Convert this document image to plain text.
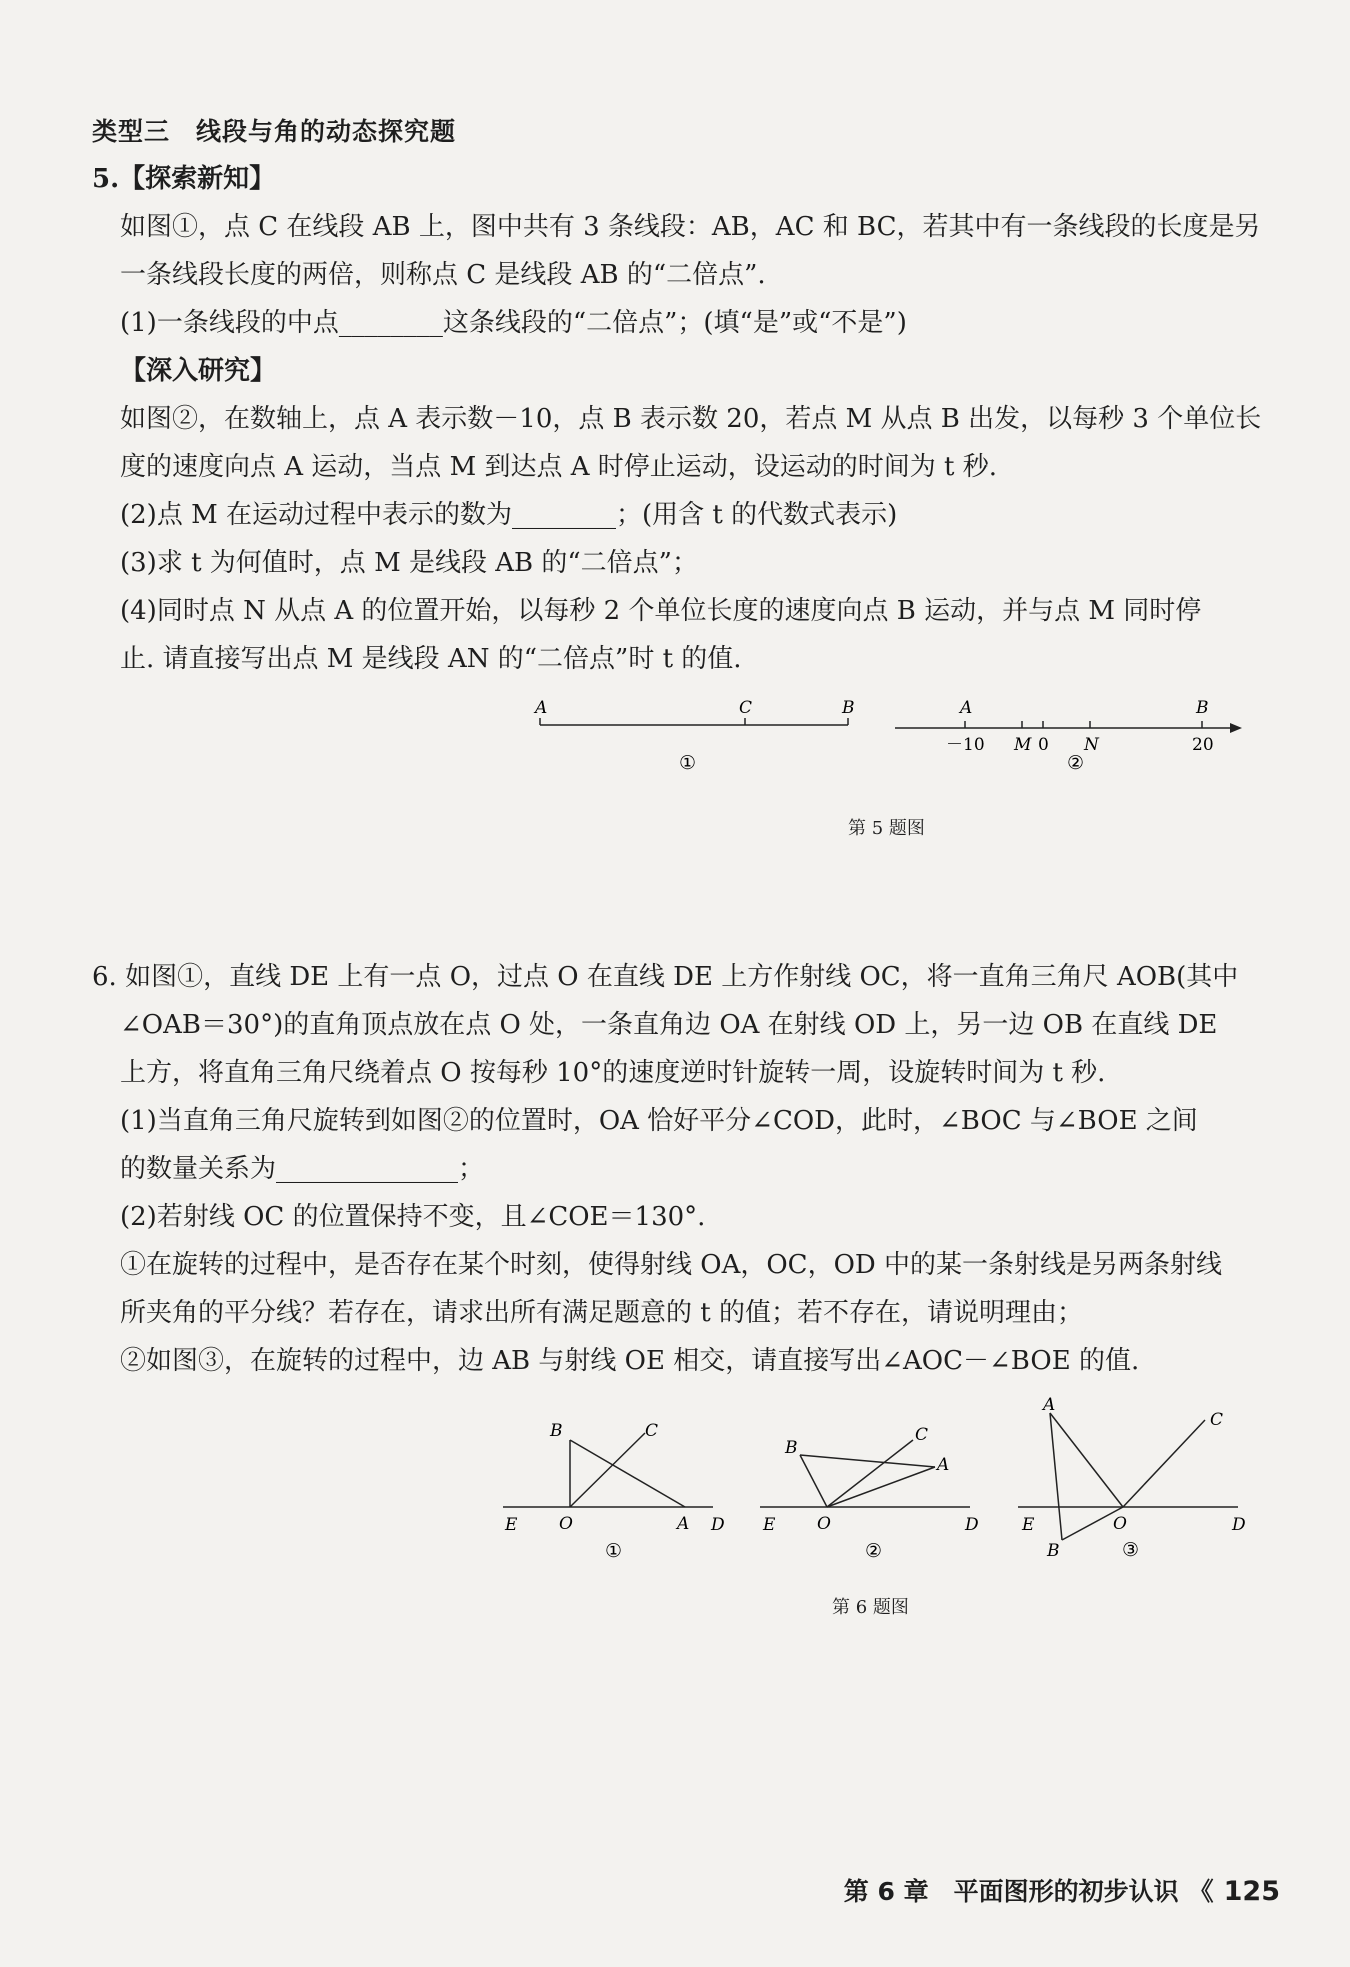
类型三　线段与角的动态探究题
5.【探索新知】
如图①，点 C 在线段 AB 上，图中共有 3 条线段：AB，AC 和 BC，若其中有一条线段的长度是另
一条线段长度的两倍，则称点 C 是线段 AB 的“二倍点”.
(1)一条线段的中点________这条线段的“二倍点”；(填“是”或“不是”)
【深入研究】
如图②，在数轴上，点 A 表示数－10，点 B 表示数 20，若点 M 从点 B 出发，以每秒 3 个单位长
度的速度向点 A 运动，当点 M 到达点 A 时停止运动，设运动的时间为 t 秒.
(2)点 M 在运动过程中表示的数为________；(用含 t 的代数式表示)
(3)求 t 为何值时，点 M 是线段 AB 的“二倍点”；
(4)同时点 N 从点 A 的位置开始，以每秒 2 个单位长度的速度向点 B 运动，并与点 M 同时停
止. 请直接写出点 M 是线段 AN 的“二倍点”时 t 的值.
A	C	B
①
A	B
－10 M 0 N	20
②
第 5 题图
6. 如图①，直线 DE 上有一点 O，过点 O 在直线 DE 上方作射线 OC，将一直角三角尺 AOB(其中
∠OAB＝30°)的直角顶点放在点 O 处，一条直角边 OA 在射线 OD 上，另一边 OB 在直线 DE
上方，将直角三角尺绕着点 O 按每秒 10°的速度逆时针旋转一周，设旋转时间为 t 秒.
(1)当直角三角尺旋转到如图②的位置时，OA 恰好平分∠COD，此时，∠BOC 与∠BOE 之间
的数量关系为______________；
(2)若射线 OC 的位置保持不变，且∠COE＝130°.
①在旋转的过程中，是否存在某个时刻，使得射线 OA，OC，OD 中的某一条射线是另两条射线
所夹角的平分线？若存在，请求出所有满足题意的 t 的值；若不存在，请说明理由；
②如图③，在旋转的过程中，边 AB 与射线 OE 相交，请直接写出∠AOC－∠BOE 的值.
B	C
E O	A D
①
B
C
A
E O	D
②
A
C
E	O	D
B	③
第 6 题图
第 6 章　平面图形的初步认识 《 125
